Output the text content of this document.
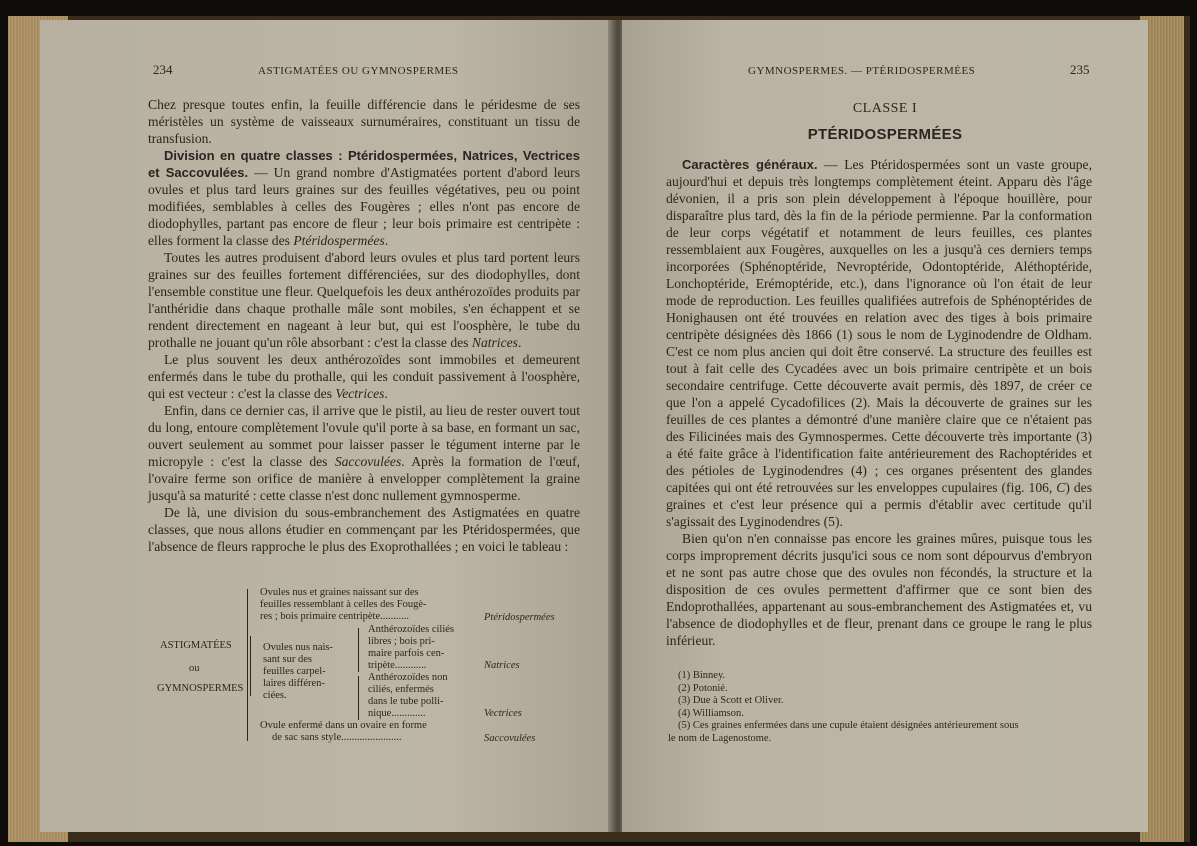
234	ASTIGMATÉES OU GYMNOSPERMES

Chez presque toutes enfin, la feuille différencie dans le péridesme de ses méristèles un système de vaisseaux surnuméraires, constituant un tissu de transfusion.

Division en quatre classes : Ptéridospermées, Natrices, Vectrices et Saccovulées. — Un grand nombre d'Astigmatées portent d'abord leurs ovules et plus tard leurs graines sur des feuilles végétatives, peu ou point modifiées, semblables à celles des Fougères ; elles n'ont pas encore de diodophylles, partant pas encore de fleur ; leur bois primaire est centripète : elles forment la classe des Ptéridospermées.

Toutes les autres produisent d'abord leurs ovules et plus tard portent leurs graines sur des feuilles fortement différenciées, sur des diodophylles, dont l'ensemble constitue une fleur. Quelquefois les deux anthérozoïdes produits par l'anthéridie dans chaque prothalle mâle sont mobiles, s'en échappent et se rendent directement en nageant à leur but, qui est l'oosphère, le tube du prothalle ne jouant qu'un rôle absorbant : c'est la classe des Natrices.

Le plus souvent les deux anthérozoïdes sont immobiles et demeurent enfermés dans le tube du prothalle, qui les conduit passivement à l'oosphère, qui est vecteur : c'est la classe des Vectrices.

Enfin, dans ce dernier cas, il arrive que le pistil, au lieu de rester ouvert tout du long, entoure complètement l'ovule qu'il porte à sa base, en formant un sac, ouvert seulement au sommet pour laisser passer le tégument interne par le micropyle : c'est la classe des Saccovulées. Après la formation de l'œuf, l'ovaire ferme son orifice de manière à envelopper complètement la graine jusqu'à sa maturité : cette classe n'est donc nullement gymnosperme.

De là, une division du sous-embranchement des Astigmatées en quatre classes, que nous allons étudier en commençant par les Ptéridospermées, que l'absence de fleurs rapproche le plus des Exoprothallées ; en voici le tableau :

ASTIGMATÉES
ou
GYMNOSPERMES
Ovules nus et graines naissant sur des
feuilles ressemblant à celles des Fougè-
res ; bois primaire centripète...........	Ptéridospermées
Ovules nus nais-
sant sur des
feuilles carpel-
laires différen-
ciées.
Anthérozoïdes ciliés
libres ; bois pri-
maire parfois cen-
tripète............	Natrices
Anthérozoïdes non
ciliés, enfermés
dans le tube polli-
nique.............	Vectrices
Ovule enfermé dans un ovaire en forme
de sac sans style.......................	Saccovulées
GYMNOSPERMES. — PTÉRIDOSPERMÉES	235
CLASSE I
PTÉRIDOSPERMÉES

Caractères généraux. — Les Ptéridospermées sont un vaste groupe, aujourd'hui et depuis très longtemps complètement éteint. Apparu dès l'âge dévonien, il a pris son plein développement à l'époque houillère, pour disparaître plus tard, dès la fin de la période permienne. Par la conformation de leur corps végétatif et notamment de leurs feuilles, ces plantes ressemblaient aux Fougères, auxquelles on les a jusqu'à ces derniers temps incorporées (Sphénoptéride, Nevroptéride, Odontoptéride, Aléthoptéride, Lonchoptéride, Erémoptéride, etc.), dans l'ignorance où l'on était de leur mode de reproduction. Les feuilles qualifiées autrefois de Sphénoptérides de Honighausen ont été trouvées en relation avec des tiges à bois primaire centripète désignées dès 1866 (1) sous le nom de Lyginodendre de Oldham. C'est ce nom plus ancien qui doit être conservé. La structure des feuilles est tout à fait celle des Cycadées avec un bois primaire centripète et un bois secondaire centrifuge. Cette découverte avait permis, dès 1897, de créer ce que l'on a appelé Cycadofilices (2). Mais la découverte de graines sur les feuilles de ces plantes a démontré d'une manière claire que ce n'étaient pas des Filicinées mais des Gymnospermes. Cette découverte très importante (3) a été faite grâce à l'identification faite antérieurement des Rachoptérides et des pétioles de Lyginodendres (4) ; ces organes présentent des glandes capitées qui ont été retrouvées sur les enveloppes cupulaires (fig. 106, C) des graines et c'est leur présence qui a permis d'établir avec certitude qu'il s'agissait des Lyginodendres (5).

Bien qu'on n'en connaisse pas encore les graines mûres, puisque tous les corps improprement décrits jusqu'ici sous ce nom sont dépourvus d'embryon et ne sont pas autre chose que des ovules non fécondés, la structure et la disposition de ces ovules permettent d'affirmer que ce sont bien des Endoprothallées, appartenant au sous-embranchement des Astigmatées et, vu l'absence de diodophylles et de fleur, prenant dans ce groupe le rang le plus inférieur.

(1) Binney.
(2) Potonié.
(3) Due à Scott et Oliver.
(4) Williamson.
(5) Ces graines enfermées dans une cupule étaient désignées antérieurement sous
le nom de Lagenostome.
